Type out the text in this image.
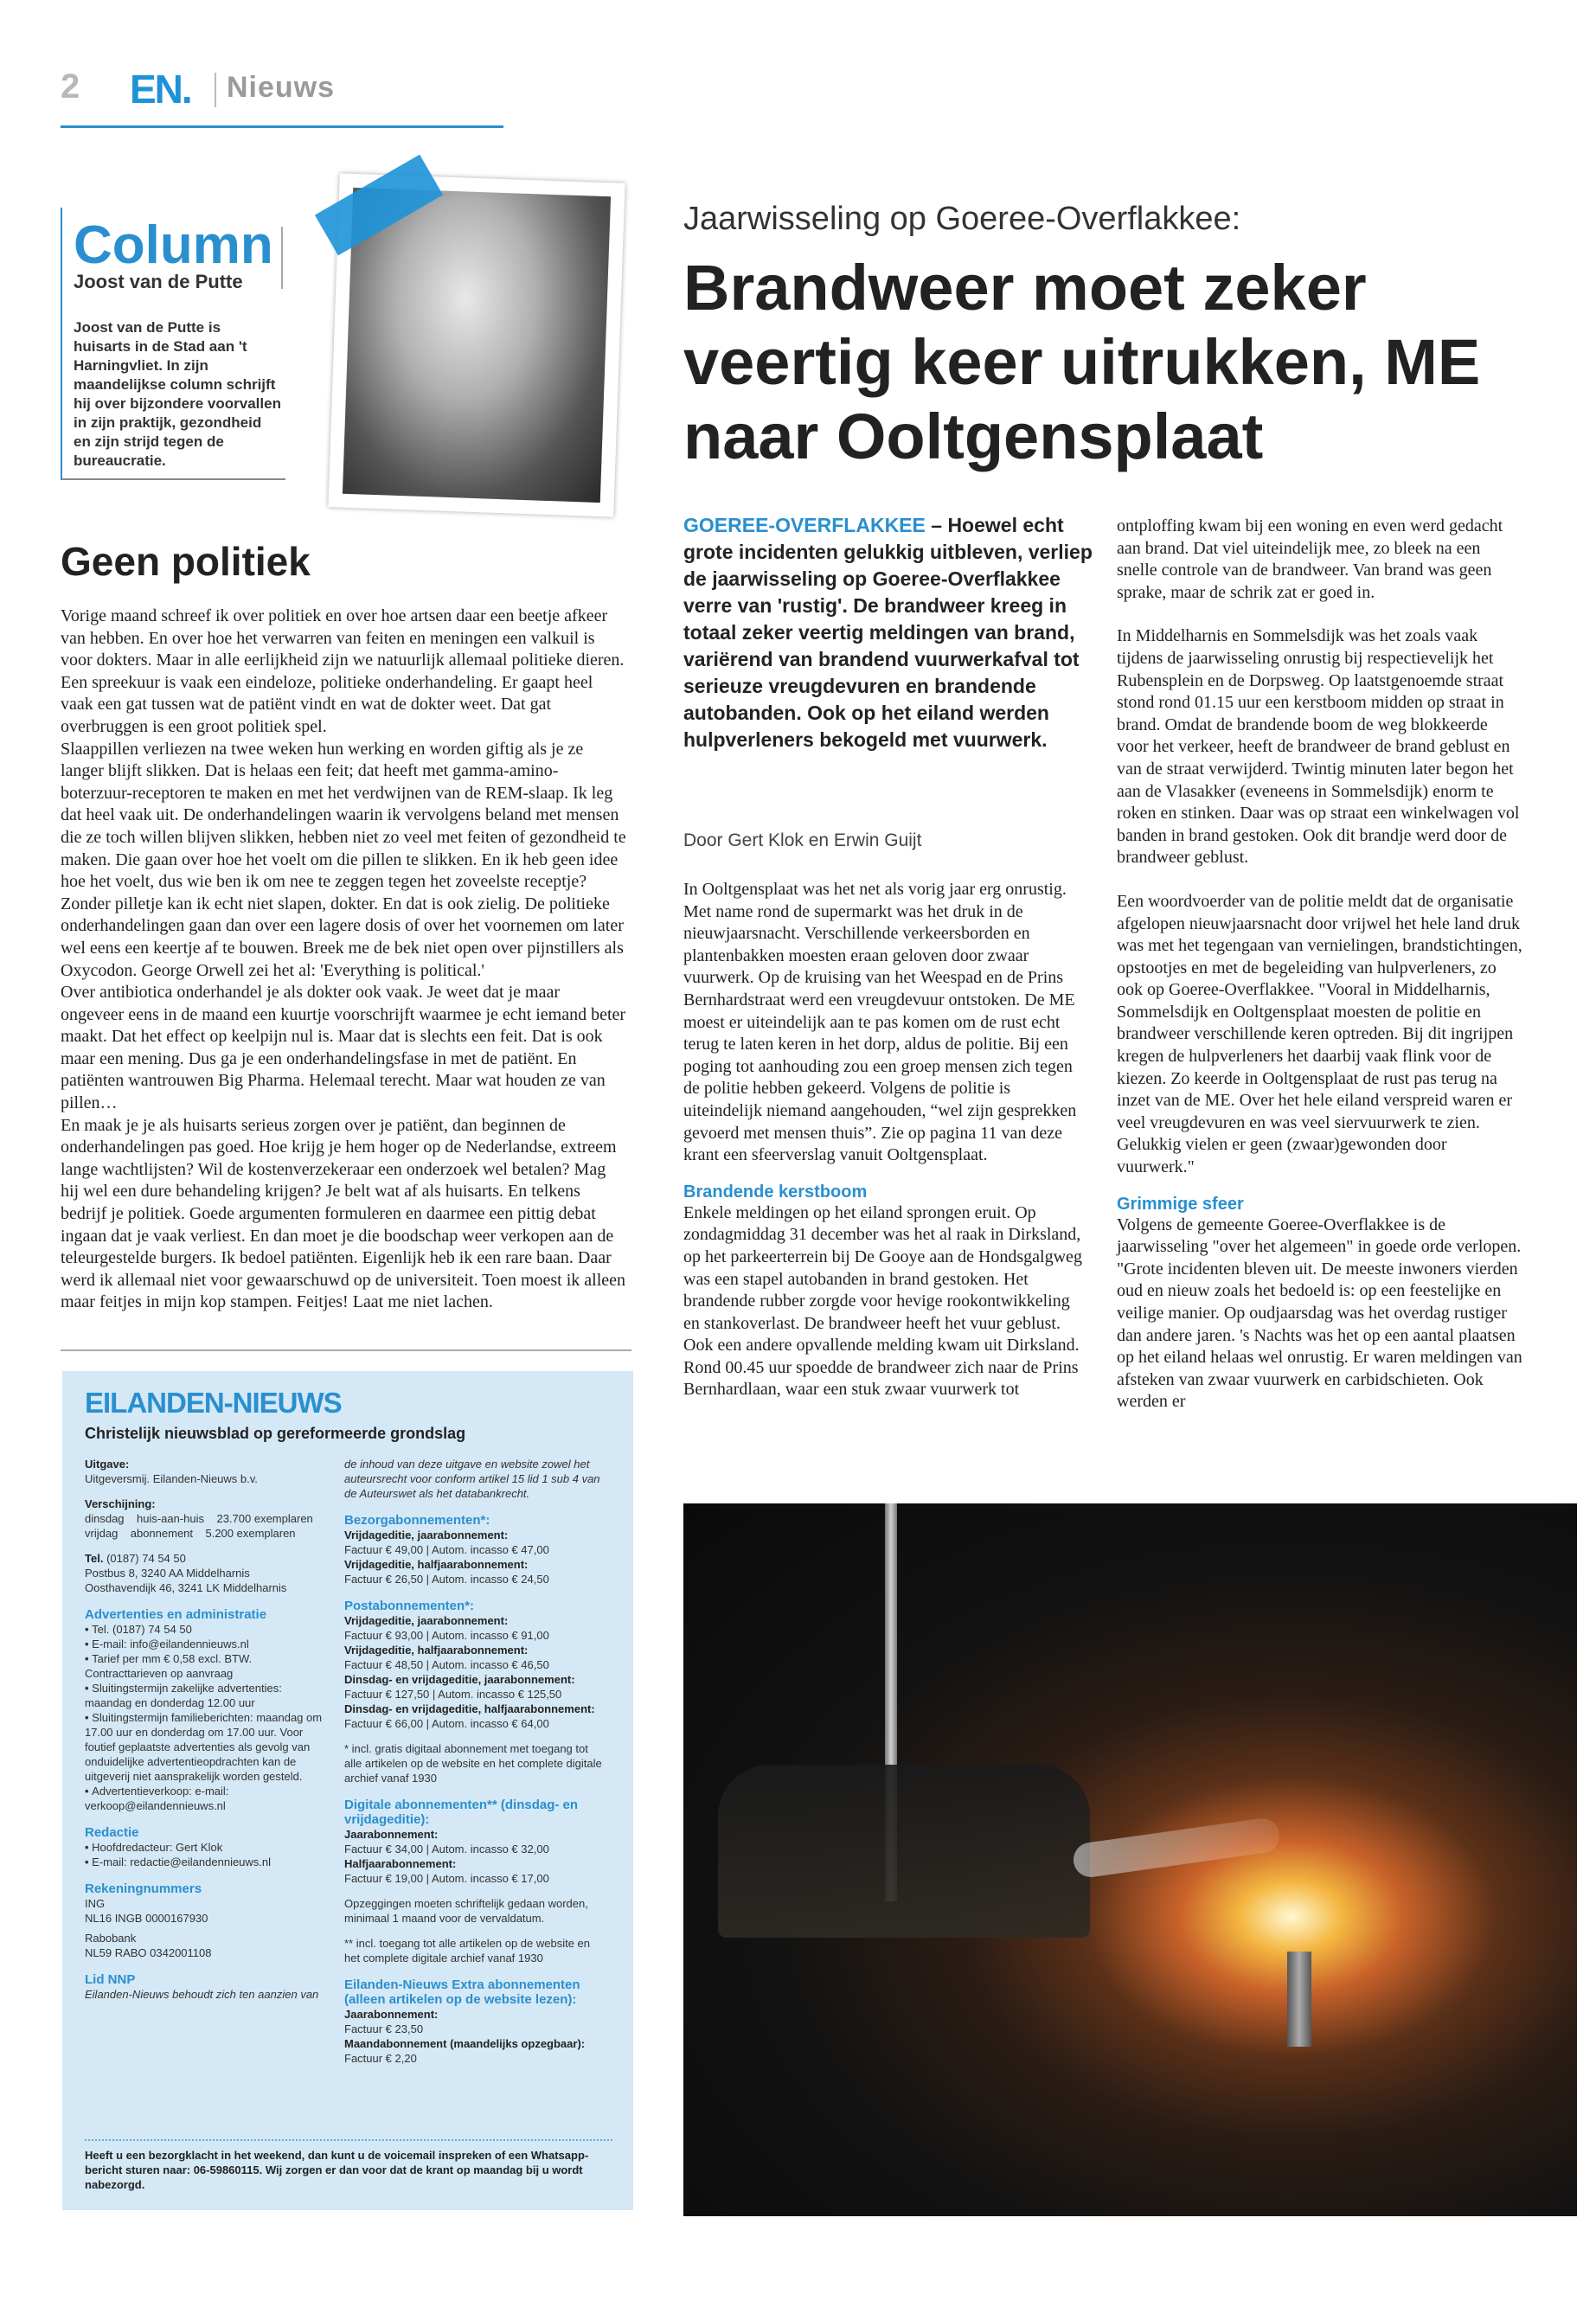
2 EN. Nieuws
Column
Joost van de Putte
Joost van de Putte is huisarts in de Stad aan 't Harningvliet. In zijn maandelijkse column schrijft hij over bijzondere voorvallen in zijn praktijk, gezondheid en zijn strijd tegen de bureaucratie.
Geen politiek

Vorige maand schreef ik over politiek en over hoe artsen daar een beetje afkeer van hebben. En over hoe het verwarren van feiten en meningen een valkuil is voor dokters. Maar in alle eerlijkheid zijn we natuurlijk allemaal politieke dieren. Een spreekuur is vaak een eindeloze, politieke onderhandeling. Er gaapt heel vaak een gat tussen wat de patiënt vindt en wat de dokter weet. Dat gat overbruggen is een groot politiek spel.

Slaappillen verliezen na twee weken hun werking en worden giftig als je ze langer blijft slikken. Dat is helaas een feit; dat heeft met gamma-amino-boterzuur-receptoren te maken en met het verdwijnen van de REM-slaap. Ik leg dat heel vaak uit. De onderhandelingen waarin ik vervolgens beland met mensen die ze toch willen blijven slikken, hebben niet zo veel met feiten of gezondheid te maken. Die gaan over hoe het voelt om die pillen te slikken. En ik heb geen idee hoe het voelt, dus wie ben ik om nee te zeggen tegen het zoveelste receptje? Zonder pilletje kan ik echt niet slapen, dokter. En dat is ook zielig. De politieke onderhandelingen gaan dan over een lagere dosis of over het voornemen om later wel eens een keertje af te bouwen. Breek me de bek niet open over pijnstillers als Oxycodon. George Orwell zei het al: 'Everything is political.'

Over antibiotica onderhandel je als dokter ook vaak. Je weet dat je maar ongeveer eens in de maand een kuurtje voorschrijft waarmee je echt iemand beter maakt. Dat het effect op keelpijn nul is. Maar dat is slechts een feit. Dat is ook maar een mening. Dus ga je een onderhandelingsfase in met de patiënt. En patiënten wantrouwen Big Pharma. Helemaal terecht. Maar wat houden ze van pillen…

En maak je je als huisarts serieus zorgen over je patiënt, dan beginnen de onderhandelingen pas goed. Hoe krijg je hem hoger op de Nederlandse, extreem lange wachtlijsten? Wil de kostenverzekeraar een onderzoek wel betalen? Mag hij wel een dure behandeling krijgen? Je belt wat af als huisarts. En telkens bedrijf je politiek. Goede argumenten formuleren en daarmee een pittig debat ingaan dat je vaak verliest. En dan moet je die boodschap weer verkopen aan de teleurgestelde burgers. Ik bedoel patiënten. Eigenlijk heb ik een rare baan. Daar werd ik allemaal niet voor gewaarschuwd op de universiteit. Toen moest ik alleen maar feitjes in mijn kop stampen. Feitjes! Laat me niet lachen.

EILANDEN-NIEUWS
Christelijk nieuwsblad op gereformeerde grondslag
Uitgave:
Uitgeversmij. Eilanden-Nieuws b.v.
Verschijning:
dinsdag    huis-aan-huis    23.700 exemplaren
vrijdag    abonnement    5.200 exemplaren
Tel. (0187) 74 54 50
Postbus 8, 3240 AA Middelharnis
Oosthavendijk 46, 3241 LK Middelharnis
Advertenties en administratie
• Tel. (0187) 74 54 50
• E-mail: info@eilandennieuws.nl
• Tarief per mm € 0,58 excl. BTW. Contracttarieven op aanvraag
• Sluitingstermijn zakelijke advertenties: maandag en donderdag 12.00 uur
• Sluitingstermijn familieberichten: maandag om 17.00 uur en donderdag om 17.00 uur. Voor foutief geplaatste advertenties als gevolg van onduidelijke advertentieopdrachten kan de uitgeverij niet aansprakelijk worden gesteld.
• Advertentieverkoop: e-mail: verkoop@eilandennieuws.nl
Redactie
• Hoofdredacteur: Gert Klok
• E-mail: redactie@eilandennieuws.nl
Rekeningnummers
ING
NL16 INGB 0000167930
Rabobank
NL59 RABO 0342001108
Lid NNP
Eilanden-Nieuws behoudt zich ten aanzien van
de inhoud van deze uitgave en website zowel het auteursrecht voor conform artikel 15 lid 1 sub 4 van de Auteurswet als het databankrecht.
Bezorgabonnementen*:
Vrijdageditie, jaarabonnement:
Factuur € 49,00 | Autom. incasso € 47,00
Vrijdageditie, halfjaarabonnement:
Factuur € 26,50 | Autom. incasso € 24,50
Postabonnementen*:
Vrijdageditie, jaarabonnement:
Factuur € 93,00 | Autom. incasso € 91,00
Vrijdageditie, halfjaarabonnement:
Factuur € 48,50 | Autom. incasso € 46,50
Dinsdag- en vrijdageditie, jaarabonnement:
Factuur € 127,50 | Autom. incasso € 125,50
Dinsdag- en vrijdageditie, halfjaarabonnement:
Factuur € 66,00 | Autom. incasso € 64,00
* incl. gratis digitaal abonnement met toegang tot alle artikelen op de website en het complete digitale archief vanaf 1930
Digitale abonnementen** (dinsdag- en vrijdageditie):
Jaarabonnement:
Factuur € 34,00 | Autom. incasso € 32,00
Halfjaarabonnement:
Factuur € 19,00 | Autom. incasso € 17,00
Opzeggingen moeten schriftelijk gedaan worden, minimaal 1 maand voor de vervaldatum.
** incl. toegang tot alle artikelen op de website en het complete digitale archief vanaf 1930
Eilanden-Nieuws Extra abonnementen (alleen artikelen op de website lezen):
Jaarabonnement:
Factuur € 23,50
Maandabonnement (maandelijks opzegbaar):
Factuur € 2,20
Heeft u een bezorgklacht in het weekend, dan kunt u de voicemail inspreken of een Whatsapp-bericht sturen naar: 06-59860115. Wij zorgen er dan voor dat de krant op maandag bij u wordt nabezorgd.
Jaarwisseling op Goeree-Overflakkee:
Brandweer moet zeker veertig keer uitrukken, ME naar Ooltgensplaat
GOEREE-OVERFLAKKEE – Hoewel echt grote incidenten gelukkig uitbleven, verliep de jaarwisseling op Goeree-Overflakkee verre van 'rustig'. De brandweer kreeg in totaal zeker veertig meldingen van brand, variërend van brandend vuurwerkafval tot serieuze vreugdevuren en brandende autobanden. Ook op het eiland werden hulpverleners bekogeld met vuurwerk.
Door Gert Klok en Erwin Guijt

In Ooltgensplaat was het net als vorig jaar erg onrustig. Met name rond de supermarkt was het druk in de nieuwjaarsnacht. Verschillende verkeersborden en plantenbakken moesten eraan geloven door zwaar vuurwerk. Op de kruising van het Weespad en de Prins Bernhardstraat werd een vreugdevuur ontstoken. De ME moest er uiteindelijk aan te pas komen om de rust echt terug te laten keren in het dorp, aldus de politie. Bij een poging tot aanhouding zou een groep mensen zich tegen de politie hebben gekeerd. Volgens de politie is uiteindelijk niemand aangehouden, “wel zijn gesprekken gevoerd met mensen thuis”. Zie op pagina 11 van deze krant een sfeerverslag vanuit Ooltgensplaat.

Brandende kerstboom

Enkele meldingen op het eiland sprongen eruit. Op zondagmiddag 31 december was het al raak in Dirksland, op het parkeerterrein bij De Gooye aan de Hondsgalgweg was een stapel autobanden in brand gestoken. Het brandende rubber zorgde voor hevige rookontwikkeling en stankoverlast. De brandweer heeft het vuur geblust. Ook een andere opvallende melding kwam uit Dirksland. Rond 00.45 uur spoedde de brandweer zich naar de Prins Bernhardlaan, waar een stuk zwaar vuurwerk tot

ontploffing kwam bij een woning en even werd gedacht aan brand. Dat viel uiteindelijk mee, zo bleek na een snelle controle van de brandweer. Van brand was geen sprake, maar de schrik zat er goed in.

In Middelharnis en Sommelsdijk was het zoals vaak tijdens de jaarwisseling onrustig bij respectievelijk het Rubensplein en de Dorpsweg. Op laatstgenoemde straat stond rond 01.15 uur een kerstboom midden op straat in brand. Omdat de brandende boom de weg blokkeerde voor het verkeer, heeft de brandweer de brand geblust en van de straat verwijderd. Twintig minuten later begon het aan de Vlasakker (eveneens in Sommelsdijk) enorm te roken en stinken. Daar was op straat een winkelwagen vol banden in brand gestoken. Ook dit brandje werd door de brandweer geblust.

Een woordvoerder van de politie meldt dat de organisatie afgelopen nieuwjaarsnacht door vrijwel het hele land druk was met het tegengaan van vernielingen, brandstichtingen, opstootjes en met de begeleiding van hulpverleners, zo ook op Goeree-Overflakkee. "Vooral in Middelharnis, Sommelsdijk en Ooltgensplaat moesten de politie en brandweer verschillende keren optreden. Bij dit ingrijpen kregen de hulpverleners het daarbij vaak flink voor de kiezen. Zo keerde in Ooltgensplaat de rust pas terug na inzet van de ME. Over het hele eiland verspreid waren er veel vreugdevuren en was veel siervuurwerk te zien. Gelukkig vielen er geen (zwaar)gewonden door vuurwerk."

Grimmige sfeer

Volgens de gemeente Goeree-Overflakkee is de jaarwisseling "over het algemeen" in goede orde verlopen. "Grote incidenten bleven uit. De meeste inwoners vierden oud en nieuw zoals het bedoeld is: op een feestelijke en veilige manier. Op oudjaarsdag was het overdag rustiger dan andere jaren. 's Nachts was het op een aantal plaatsen op het eiland helaas wel onrustig. Er waren meldingen van afsteken van zwaar vuurwerk en carbidschieten. Ook werden er
